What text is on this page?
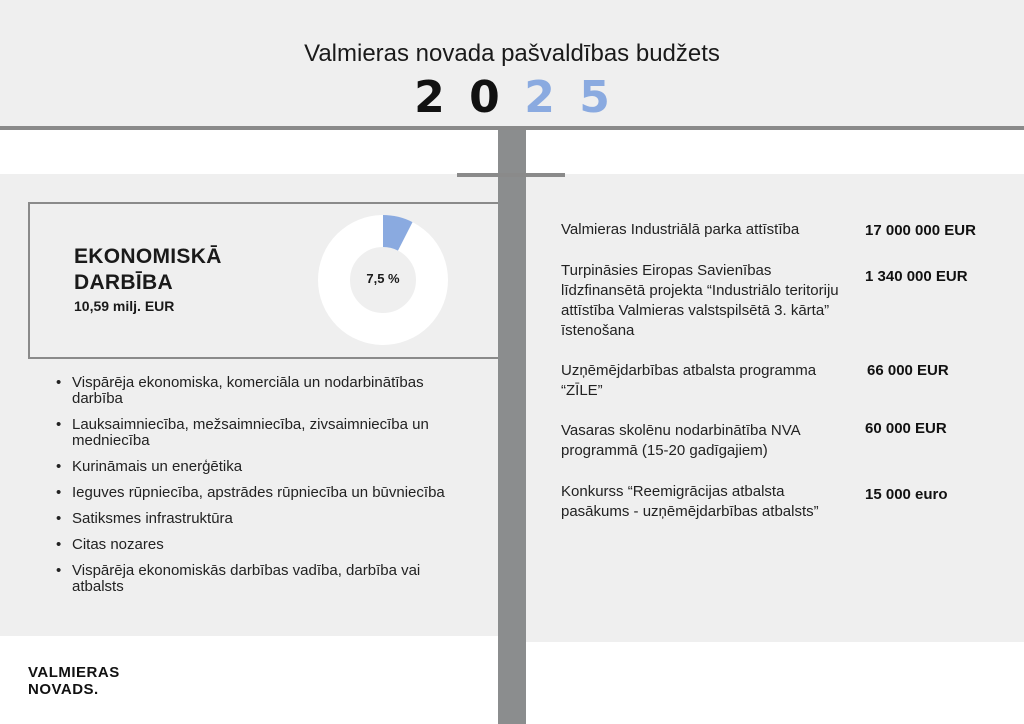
Valmieras novada pašvaldības budžets
2 0 2 5
EKONOMISKĀ
DARBĪBA
10,59 milj. EUR
7,5 %
• Vispārēja ekonomiska, komerciāla un nodarbinātības darbība
• Lauksaimniecība, mežsaimniecība, zivsaimniecība un medniecība
• Kurināmais un enerģētika
• Ieguves rūpniecība, apstrādes rūpniecība un būvniecība
• Satiksmes infrastruktūra
• Citas nozares
• Vispārēja ekonomiskās darbības vadība, darbība vai atbalsts
Valmieras Industriālā parka attīstība	17 000 000 EUR
Turpināsies Eiropas Savienības līdzfinansētā projekta “Industriālo teritoriju attīstība Valmieras valstspilsētā 3. kārta” īstenošana
1 340 000 EUR
Uzņēmējdarbības atbalsta programma “ZĪLE”
66 000 EUR
Vasaras skolēnu nodarbinātība NVA programmā (15-20 gadīgajiem)
60 000 EUR
Konkurss “Reemigrācijas atbalsta pasākums - uzņēmējdarbības atbalsts”
15 000 euro
VALMIERAS
NOVADS.
